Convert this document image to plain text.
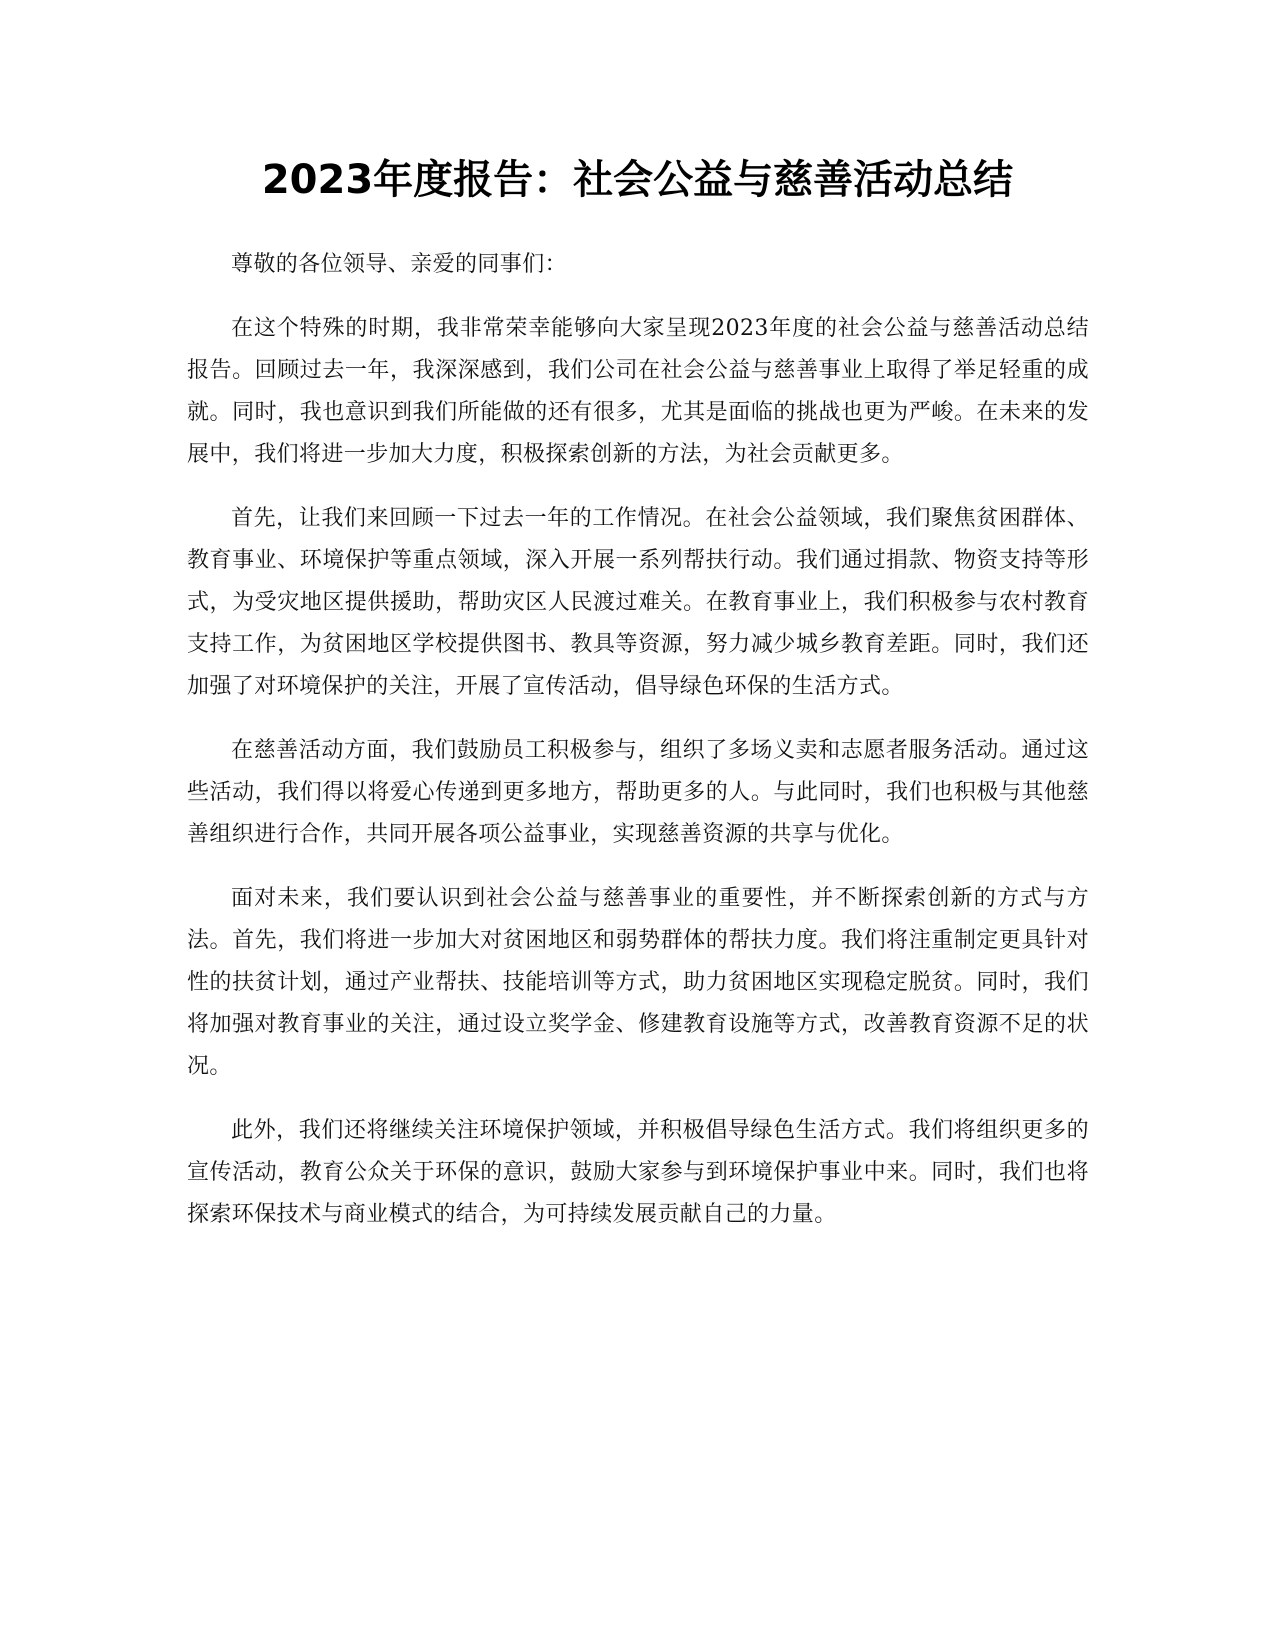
2023年度报告：社会公益与慈善活动总结

尊敬的各位领导、亲爱的同事们：

在这个特殊的时期，我非常荣幸能够向大家呈现2023年度的社会公益与慈善活动总结报告。回顾过去一年，我深深感到，我们公司在社会公益与慈善事业上取得了举足轻重的成就。同时，我也意识到我们所能做的还有很多，尤其是面临的挑战也更为严峻。在未来的发展中，我们将进一步加大力度，积极探索创新的方法，为社会贡献更多。

首先，让我们来回顾一下过去一年的工作情况。在社会公益领域，我们聚焦贫困群体、教育事业、环境保护等重点领域，深入开展一系列帮扶行动。我们通过捐款、物资支持等形式，为受灾地区提供援助，帮助灾区人民渡过难关。在教育事业上，我们积极参与农村教育支持工作，为贫困地区学校提供图书、教具等资源，努力减少城乡教育差距。同时，我们还加强了对环境保护的关注，开展了宣传活动，倡导绿色环保的生活方式。

在慈善活动方面，我们鼓励员工积极参与，组织了多场义卖和志愿者服务活动。通过这些活动，我们得以将爱心传递到更多地方，帮助更多的人。与此同时，我们也积极与其他慈善组织进行合作，共同开展各项公益事业，实现慈善资源的共享与优化。

面对未来，我们要认识到社会公益与慈善事业的重要性，并不断探索创新的方式与方法。首先，我们将进一步加大对贫困地区和弱势群体的帮扶力度。我们将注重制定更具针对性的扶贫计划，通过产业帮扶、技能培训等方式，助力贫困地区实现稳定脱贫。同时，我们将加强对教育事业的关注，通过设立奖学金、修建教育设施等方式，改善教育资源不足的状况。

此外，我们还将继续关注环境保护领域，并积极倡导绿色生活方式。我们将组织更多的宣传活动，教育公众关于环保的意识，鼓励大家参与到环境保护事业中来。同时，我们也将探索环保技术与商业模式的结合，为可持续发展贡献自己的力量。
